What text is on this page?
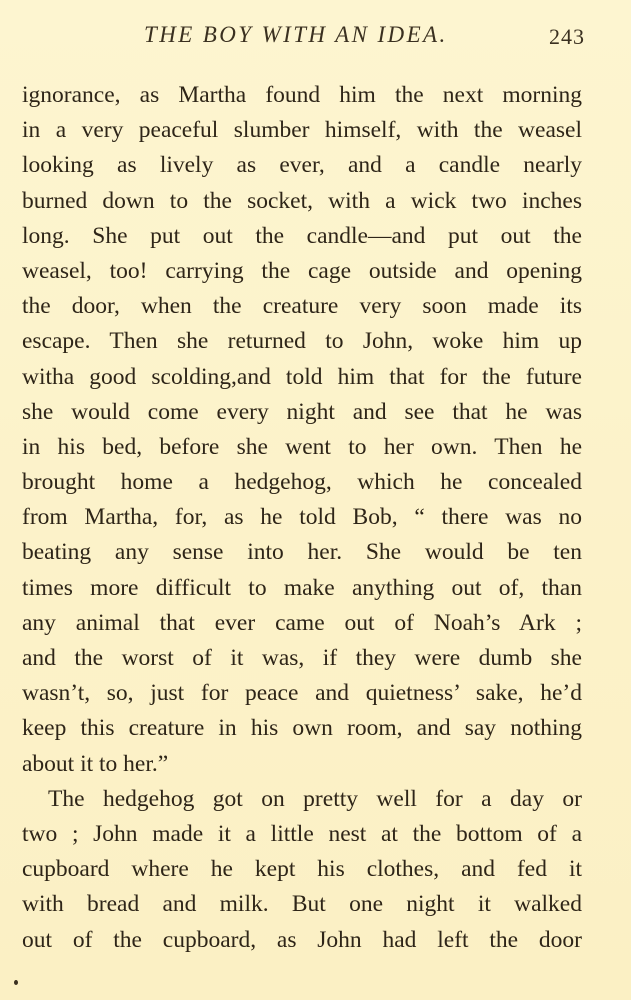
THE BOY WITH AN IDEA.	243
ignorance, as Martha found him the next morning
in a very peaceful slumber himself, with the weasel
looking as lively as ever, and a candle nearly
burned down to the socket, with a wick two inches
long. She put out the candle—and put out the
weasel, too! carrying the cage outside and opening
the door, when the creature very soon made its
escape. Then she returned to John, woke him up
witha good scolding,and told him that for the future
she would come every night and see that he was
in his bed, before she went to her own. Then he
brought home a hedgehog, which he concealed
from Martha, for, as he told Bob, “ there was no
beating any sense into her. She would be ten
times more difficult to make anything out of, than
any animal that ever came out of Noah’s Ark ;
and the worst of it was, if they were dumb she
wasn’t, so, just for peace and quietness’ sake, he’d
keep this creature in his own room, and say nothing
about it to her.”
The hedgehog got on pretty well for a day or
two ; John made it a little nest at the bottom of a
cupboard where he kept his clothes, and fed it
with bread and milk. But one night it walked
out of the cupboard, as John had left the door
